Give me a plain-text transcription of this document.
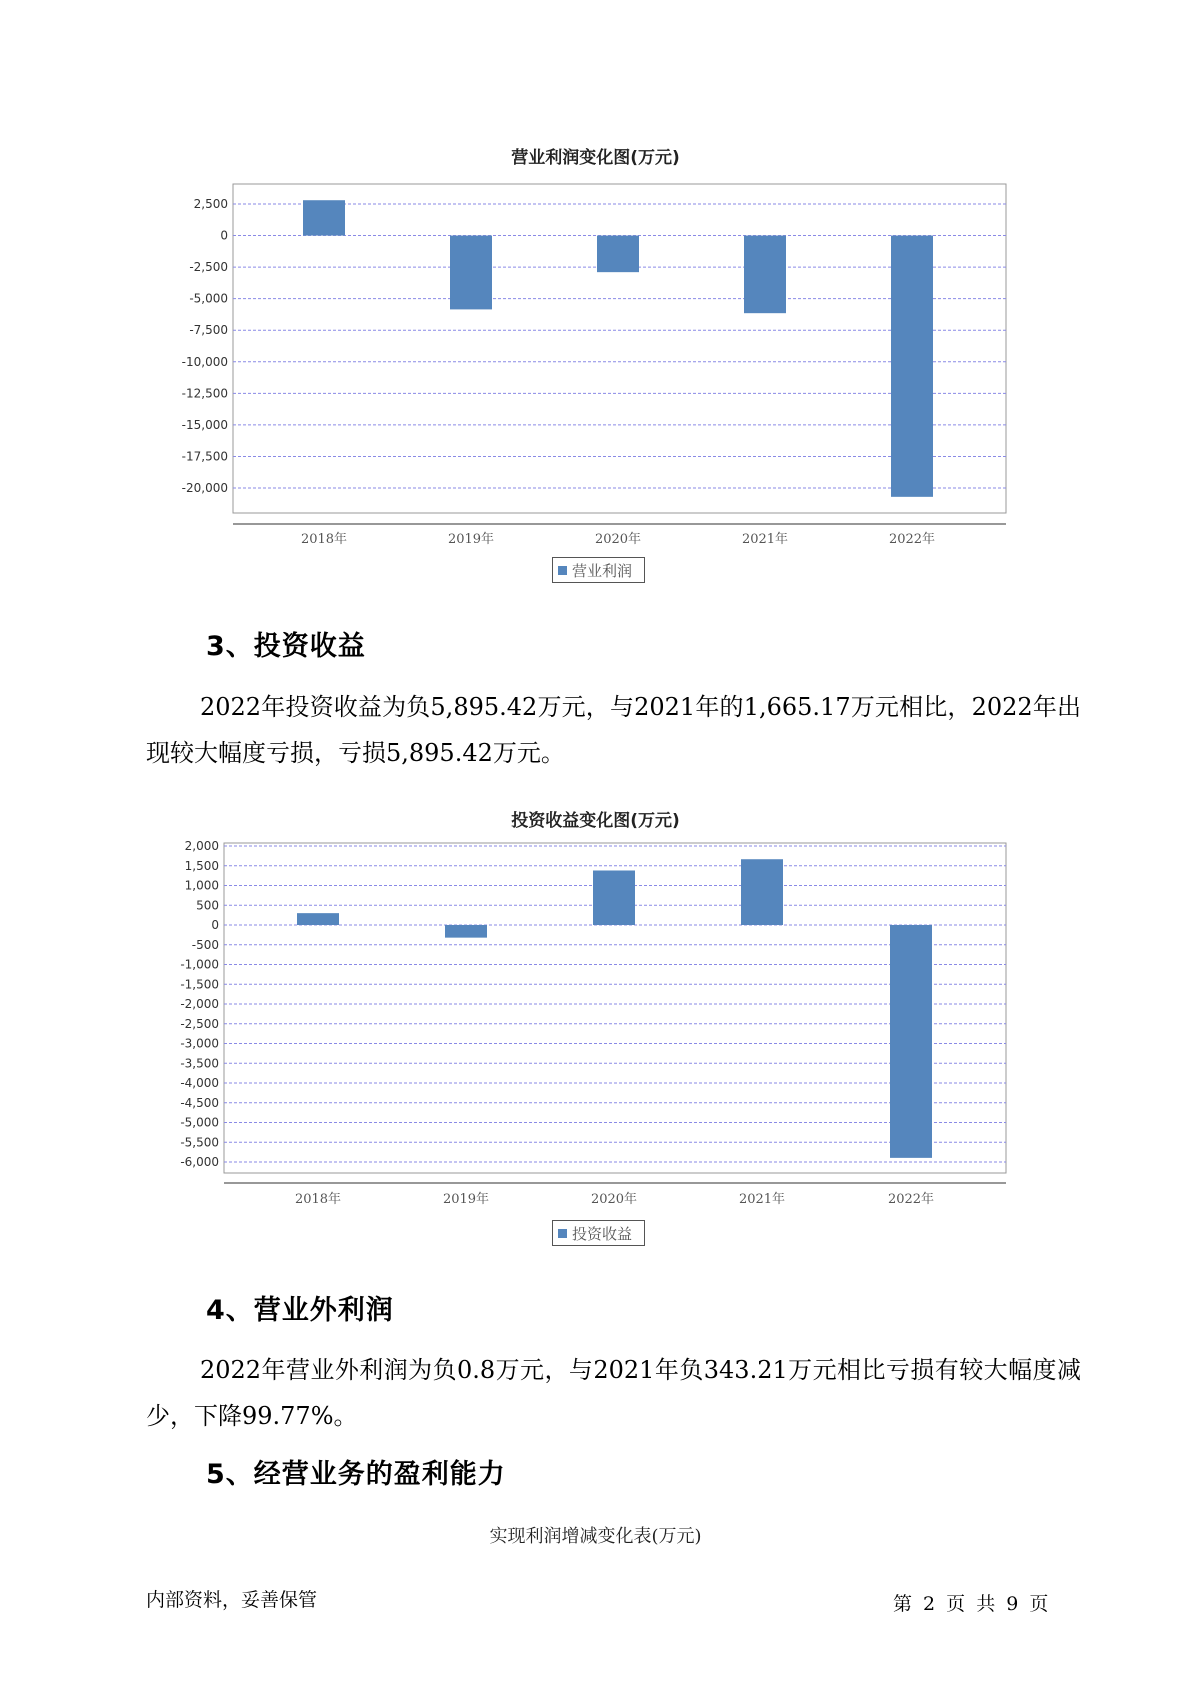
营业利润变化图(万元)
2,500
0
-2,500
-5,000
-7,500
-10,000
-12,500
-15,000
-17,500
-20,000
2018年	2019年	2020年	2021年	2022年
营业利润
3、投资收益

2022年投资收益为负5,895.42万元，与2021年的1,665.17万元相比，2022年出现较大幅度亏损，亏损5,895.42万元。

投资收益变化图(万元)
2,000
1,500
1,000
500
0
-500
-1,000
-1,500
-2,000
-2,500
-3,000
-3,500
-4,000
-4,500
-5,000
-5,500
-6,000
2018年	2019年	2020年	2021年	2022年
投资收益
4、营业外利润

2022年营业外利润为负0.8万元，与2021年负343.21万元相比亏损有较大幅度减少，下降99.77%。

5、经营业务的盈利能力
实现利润增减变化表(万元)
内部资料，妥善保管	第 2 页 共 9 页
